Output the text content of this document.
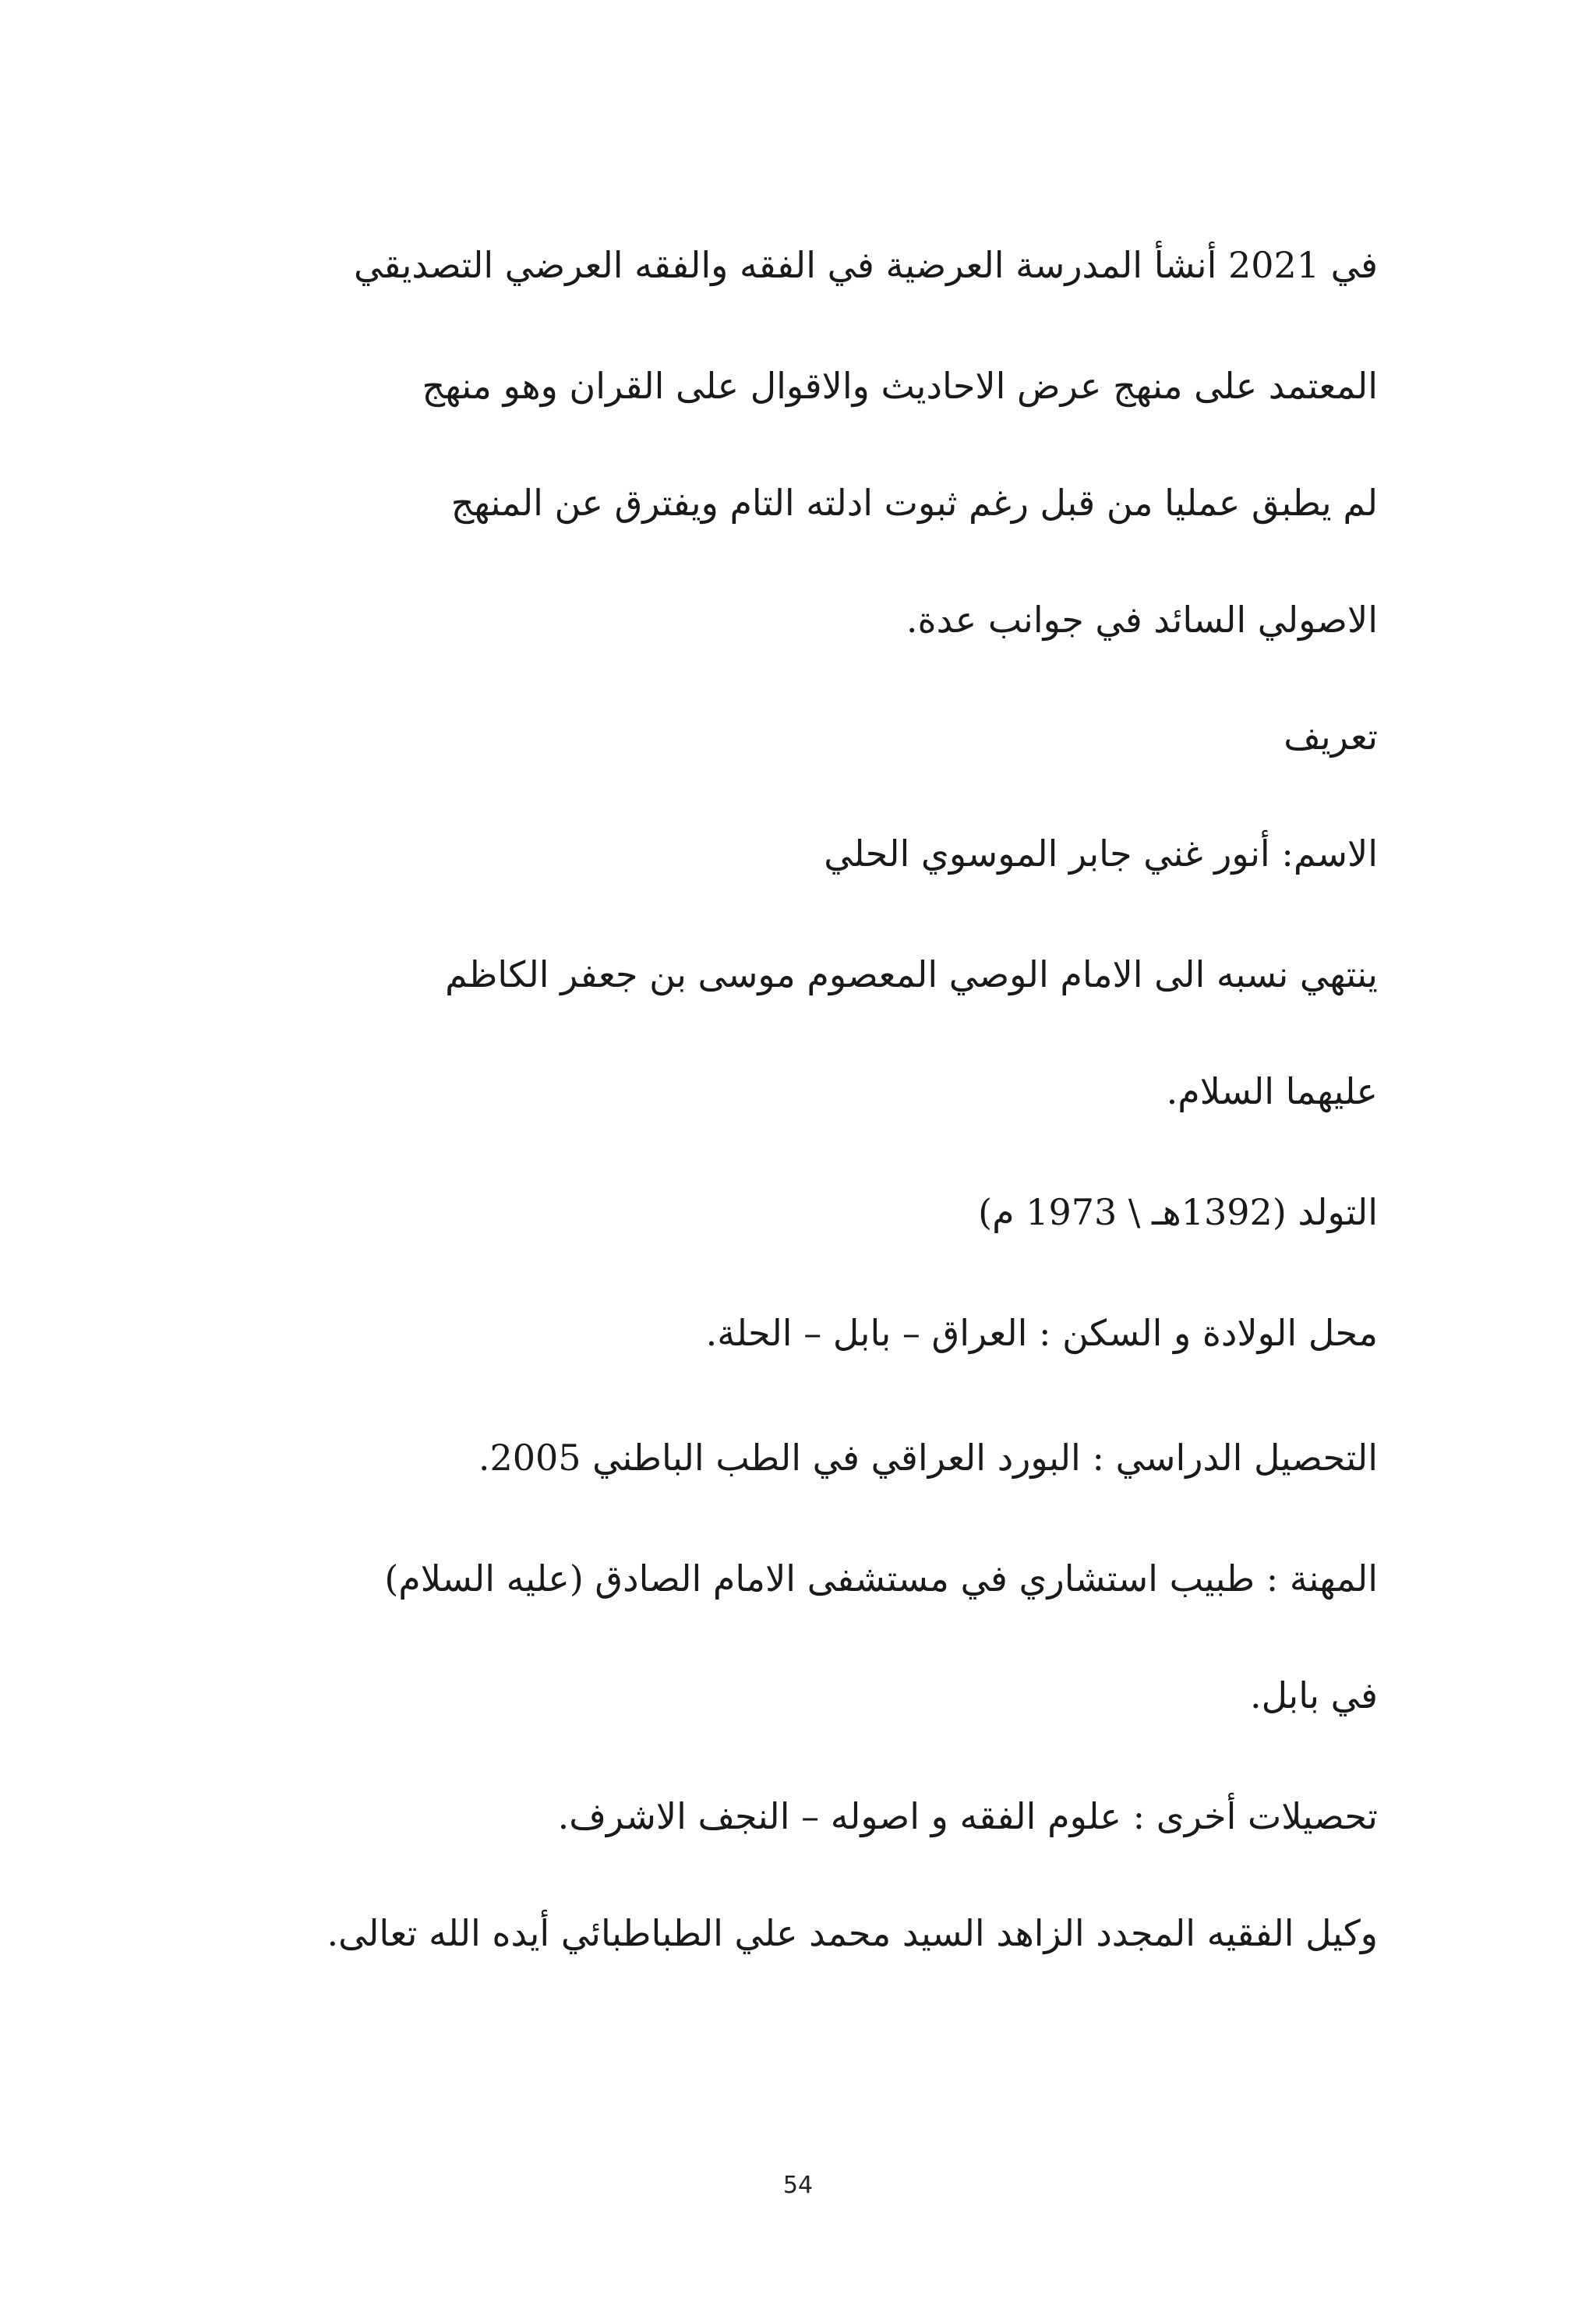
في 2021 أنشأ المدرسة العرضية في الفقه والفقه العرضي التصديقي
المعتمد على منهج عرض الاحاديث والاقوال على القران وهو منهج
لم يطبق عمليا من قبل رغم ثبوت ادلته التام ويفترق عن المنهج
الاصولي السائد في جوانب عدة.
تعريف
الاسم: أنور غني جابر الموسوي الحلي
ينتهي نسبه الى الامام الوصي المعصوم موسى بن جعفر الكاظم
عليهما السلام.
التولد (1392هـ \ 1973 م)
محل الولادة و السكن : العراق – بابل – الحلة.
التحصيل الدراسي : البورد العراقي في الطب الباطني 2005.
المهنة : طبيب استشاري في مستشفى الامام الصادق (عليه السلام)
في بابل.
تحصيلات أخرى : علوم الفقه و اصوله – النجف الاشرف.
وكيل الفقيه المجدد الزاهد السيد محمد علي الطباطبائي أيده الله تعالى.
54
